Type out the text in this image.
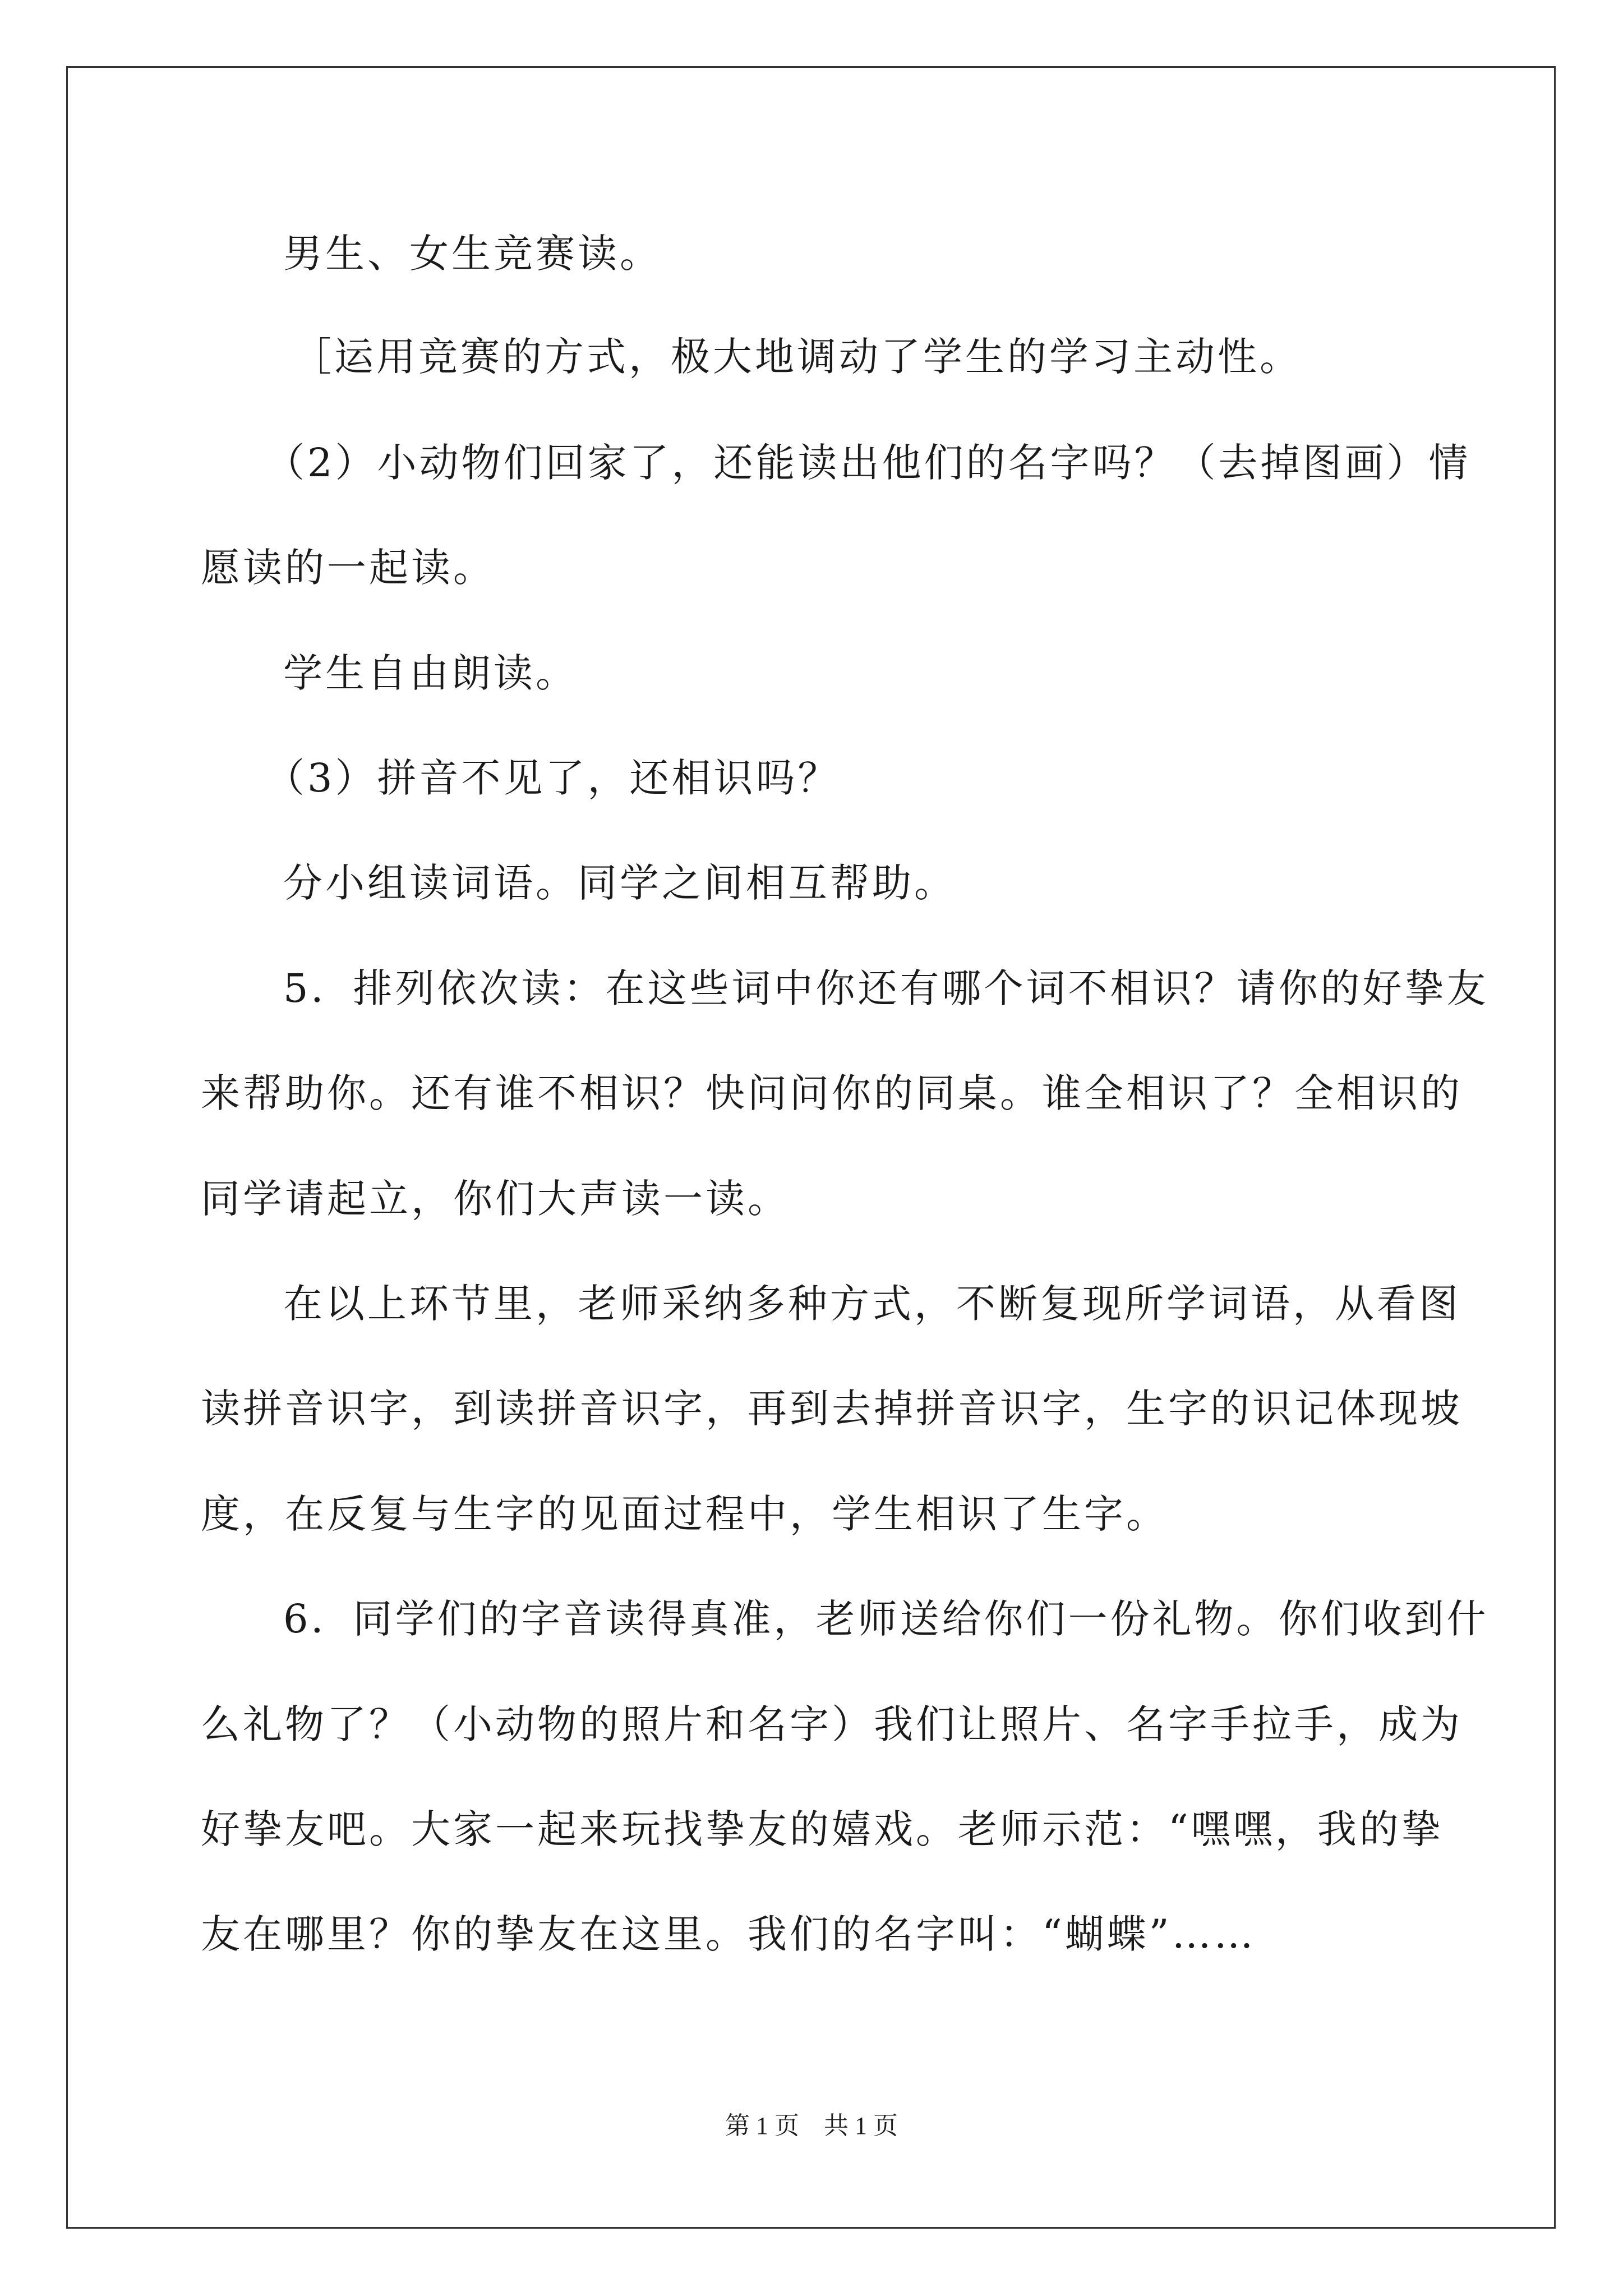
男生、女生竞赛读。
［运用竞赛的方式，极大地调动了学生的学习主动性。
（2）小动物们回家了，还能读出他们的名字吗？（去掉图画）情
愿读的一起读。
学生自由朗读。
（3）拼音不见了，还相识吗？
分小组读词语。同学之间相互帮助。
5．排列依次读：在这些词中你还有哪个词不相识？请你的好挚友
来帮助你。还有谁不相识？快问问你的同桌。谁全相识了？全相识的
同学请起立，你们大声读一读。
在以上环节里，老师采纳多种方式，不断复现所学词语，从看图
读拼音识字，到读拼音识字，再到去掉拼音识字，生字的识记体现坡
度，在反复与生字的见面过程中，学生相识了生字。
6．同学们的字音读得真准，老师送给你们一份礼物。你们收到什
么礼物了？（小动物的照片和名字）我们让照片、名字手拉手，成为
好挚友吧。大家一起来玩找挚友的嬉戏。老师示范：“嘿嘿，我的挚
友在哪里？你的挚友在这里。我们的名字叫：“蝴蝶”……
第 1 页　共 1 页
